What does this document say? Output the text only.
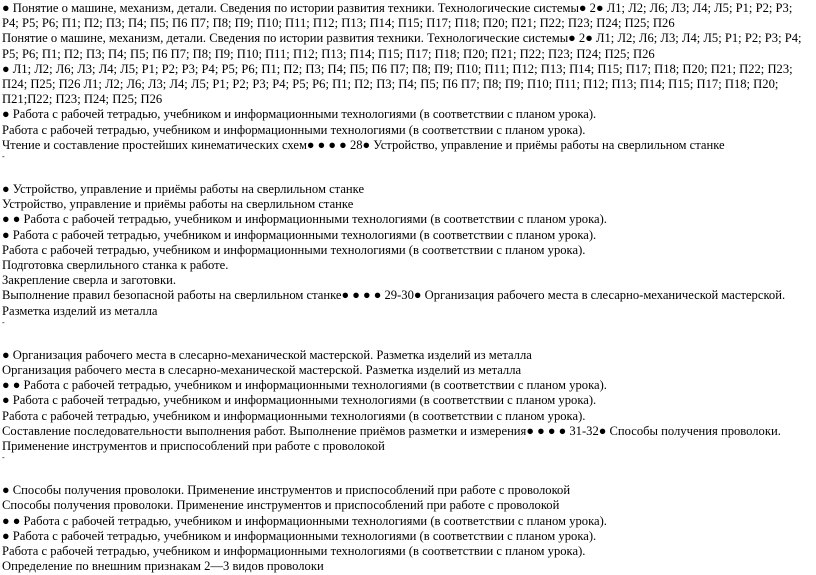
● Понятие о машине, механизм, детали. Сведения по истории развития техники. Технологические системы● 2● Л1; Л2; Л6; Л3; Л4; Л5; Р1; Р2; Р3; Р4; Р5; Р6; П1; П2; П3; П4; П5; П6 П7; П8; П9; П10; П11; П12; П13; П14; П15; П17; П18; П20; П21; П22; П23; П24; П25; П26
Понятие о машине, механизм, детали. Сведения по истории развития техники. Технологические системы● 2● Л1; Л2; Л6; Л3; Л4; Л5; Р1; Р2; Р3; Р4; Р5; Р6; П1; П2; П3; П4; П5; П6 П7; П8; П9; П10; П11; П12; П13; П14; П15; П17; П18; П20; П21; П22; П23; П24; П25; П26
● Л1; Л2; Л6; Л3; Л4; Л5; Р1; Р2; Р3; Р4; Р5; Р6; П1; П2; П3; П4; П5; П6 П7; П8; П9; П10; П11; П12; П13; П14; П15; П17; П18; П20; П21; П22; П23; П24; П25; П26 Л1; Л2; Л6; Л3; Л4; Л5; Р1; Р2; Р3; Р4; Р5; Р6; П1; П2; П3; П4; П5; П6 П7; П8; П9; П10; П11; П12; П13; П14; П15; П17; П18; П20; П21;П22; П23; П24; П25; П26
● Работа с рабочей тетрадью, учебником и информационными технологиями (в соответствии с планом урока).
Работа с рабочей тетрадью, учебником и информационными технологиями (в соответствии с планом урока).
Чтение и составление простейших кинематических схем● ● ● ● 28● Устройство, управление и приёмы работы на сверлильном станке
-
● Устройство, управление и приёмы работы на сверлильном станке
Устройство, управление и приёмы работы на сверлильном станке
● ● Работа с рабочей тетрадью, учебником и информационными технологиями (в соответствии с планом урока).
● Работа с рабочей тетрадью, учебником и информационными технологиями (в соответствии с планом урока).
Работа с рабочей тетрадью, учебником и информационными технологиями (в соответствии с планом урока).
Подготовка сверлильного станка к работе.
Закрепление сверла и заготовки.
Выполнение правил безопасной работы на сверлильном станке● ● ● ● 29-30● Организация рабочего места в слесарно-механической мастерской. Разметка изделий из металла
-
● Организация рабочего места в слесарно-механической мастерской. Разметка изделий из металла
Организация рабочего места в слесарно-механической мастерской. Разметка изделий из металла
● ● Работа с рабочей тетрадью, учебником и информационными технологиями (в соответствии с планом урока).
● Работа с рабочей тетрадью, учебником и информационными технологиями (в соответствии с планом урока).
Работа с рабочей тетрадью, учебником и информационными технологиями (в соответствии с планом урока).
Составление последовательности выполнения работ. Выполнение приёмов разметки и измерения● ● ● ● 31-32● Способы получения проволоки. Применение инструментов и приспособлений при работе с проволокой
-
● Способы получения проволоки. Применение инструментов и приспособлений при работе с проволокой
Способы получения проволоки. Применение инструментов и приспособлений при работе с проволокой
● ● Работа с рабочей тетрадью, учебником и информационными технологиями (в соответствии с планом урока).
● Работа с рабочей тетрадью, учебником и информационными технологиями (в соответствии с планом урока).
Работа с рабочей тетрадью, учебником и информационными технологиями (в соответствии с планом урока).
Определение по внешним признакам 2—3 видов проволоки
